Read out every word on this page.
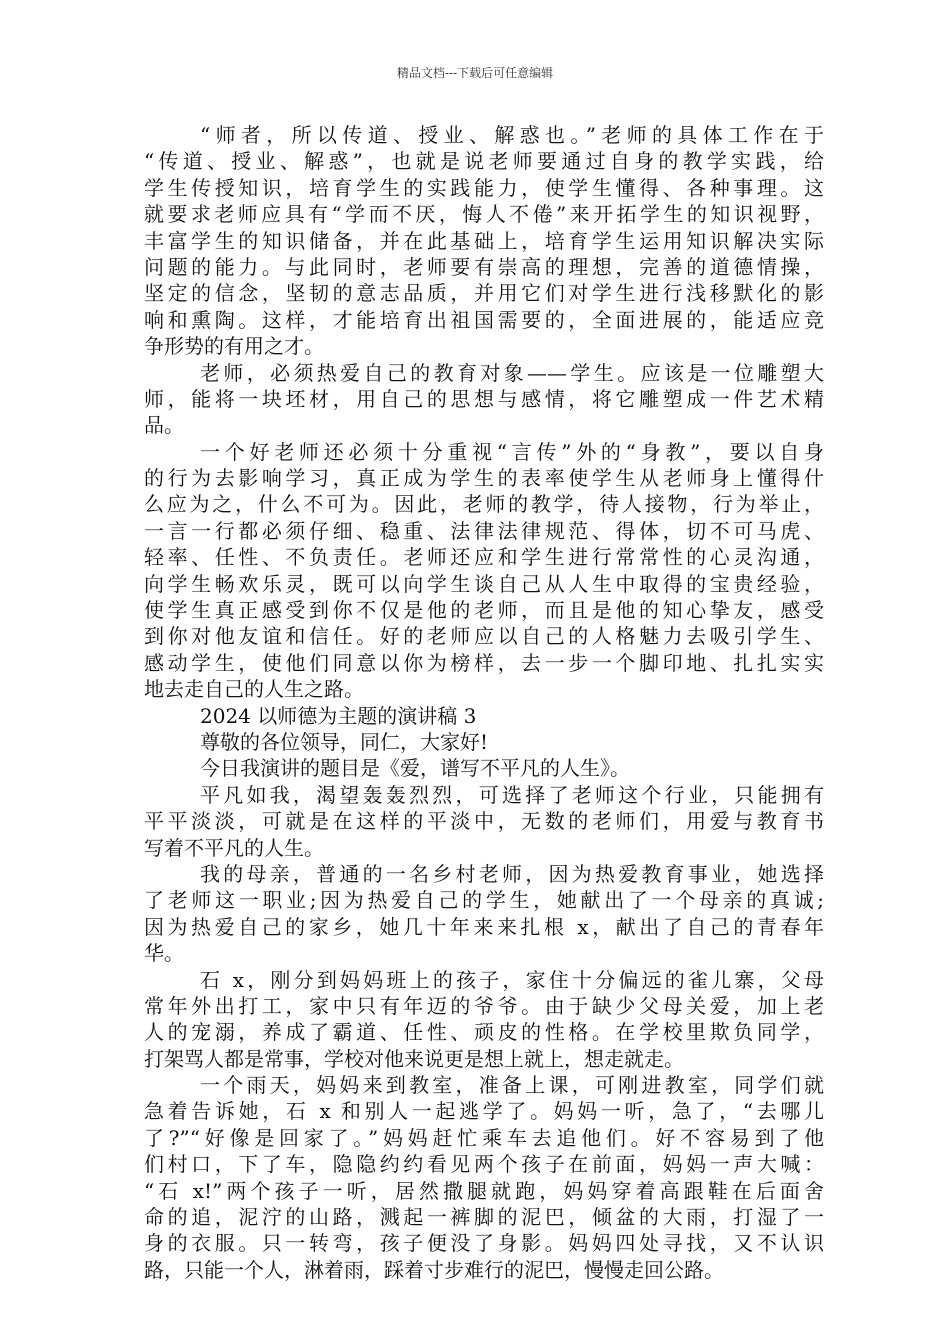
精品文档---下载后可任意编辑
“师者，所以传道、授业、解惑也。”老师的具体工作在于
“传道、授业、解惑”，也就是说老师要通过自身的教学实践，给
学生传授知识，培育学生的实践能力，使学生懂得、各种事理。这
就要求老师应具有“学而不厌，悔人不倦”来开拓学生的知识视野，
丰富学生的知识储备，并在此基础上，培育学生运用知识解决实际
问题的能力。与此同时，老师要有崇高的理想，完善的道德情操，
坚定的信念，坚韧的意志品质，并用它们对学生进行浅移默化的影
响和熏陶。这样，才能培育出祖国需要的，全面进展的，能适应竞
争形势的有用之才。
老师，必须热爱自己的教育对象——学生。应该是一位雕塑大
师，能将一块坯材，用自己的思想与感情，将它雕塑成一件艺术精
品。
一个好老师还必须十分重视“言传”外的“身教”，要以自身
的行为去影响学习，真正成为学生的表率使学生从老师身上懂得什
么应为之，什么不可为。因此，老师的教学，待人接物，行为举止，
一言一行都必须仔细、稳重、法律法律规范、得体，切不可马虎、
轻率、任性、不负责任。老师还应和学生进行常常性的心灵沟通，
向学生畅欢乐灵，既可以向学生谈自己从人生中取得的宝贵经验，
使学生真正感受到你不仅是他的老师，而且是他的知心挚友，感受
到你对他友谊和信任。好的老师应以自己的人格魅力去吸引学生、
感动学生，使他们同意以你为榜样，去一步一个脚印地、扎扎实实
地去走自己的人生之路。
2024 以师德为主题的演讲稿 3
尊敬的各位领导，同仁，大家好!
今日我演讲的题目是《爱，谱写不平凡的人生》。
平凡如我，渴望轰轰烈烈，可选择了老师这个行业，只能拥有
平平淡淡，可就是在这样的平淡中，无数的老师们，用爱与教育书
写着不平凡的人生。
我的母亲，普通的一名乡村老师，因为热爱教育事业，她选择
了老师这一职业;因为热爱自己的学生，她献出了一个母亲的真诚;
因为热爱自己的家乡，她几十年来来扎根 x，献出了自己的青春年
华。
石 x，刚分到妈妈班上的孩子，家住十分偏远的雀儿寨，父母
常年外出打工，家中只有年迈的爷爷。由于缺少父母关爱，加上老
人的宠溺，养成了霸道、任性、顽皮的性格。在学校里欺负同学，
打架骂人都是常事，学校对他来说更是想上就上，想走就走。
一个雨天，妈妈来到教室，准备上课，可刚进教室，同学们就
急着告诉她，石 x 和别人一起逃学了。妈妈一听，急了，“去哪儿
了?”“好像是回家了。”妈妈赶忙乘车去追他们。好不容易到了他
们村口，下了车，隐隐约约看见两个孩子在前面，妈妈一声大喊：
“石 x!”两个孩子一听，居然撒腿就跑，妈妈穿着高跟鞋在后面舍
命的追，泥泞的山路，溅起一裤脚的泥巴，倾盆的大雨，打湿了一
身的衣服。只一转弯，孩子便没了身影。妈妈四处寻找，又不认识
路，只能一个人，淋着雨，踩着寸步难行的泥巴，慢慢走回公路。
